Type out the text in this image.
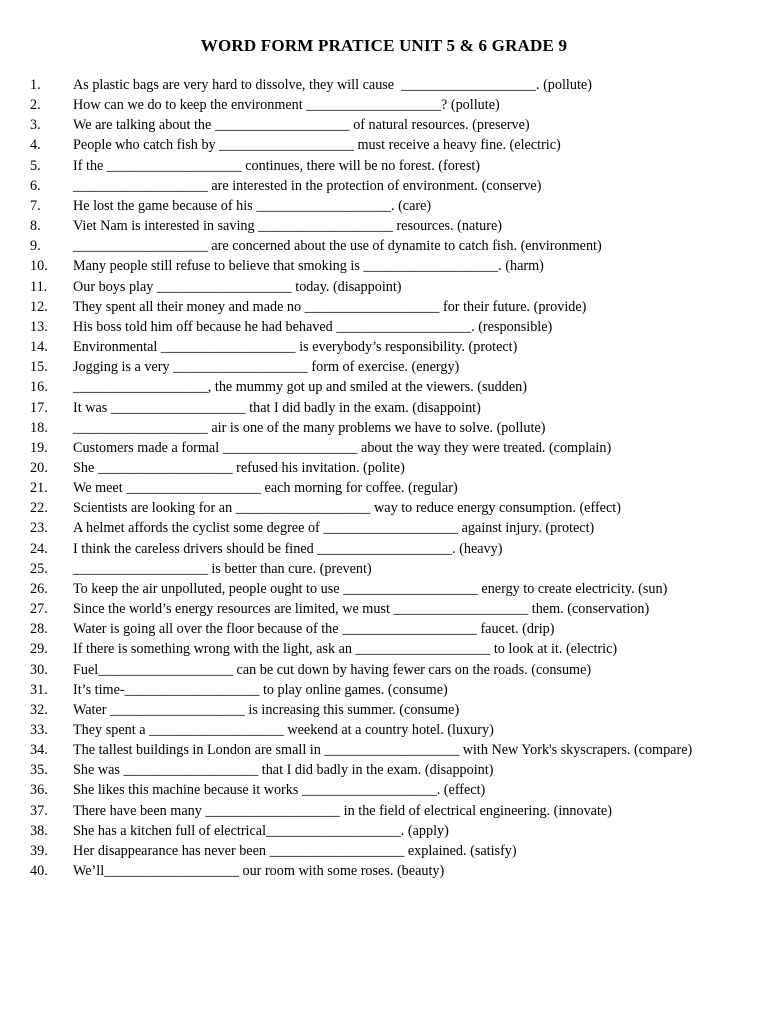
WORD FORM PRATICE UNIT 5 & 6 GRADE 9
1.	As plastic bags are very hard to dissolve, they will cause  ___________________. (pollute)
2.	How can we do to keep the environment ___________________? (pollute)
3.	We are talking about the ___________________ of natural resources. (preserve)
4.	People who catch fish by ___________________ must receive a heavy fine. (electric)
5.	If the ___________________ continues, there will be no forest. (forest)
6.	___________________ are interested in the protection of environment. (conserve)
7.	He lost the game because of his ___________________. (care)
8.	Viet Nam is interested in saving ___________________ resources. (nature)
9.	___________________ are concerned about the use of dynamite to catch fish. (environment)
10.	Many people still refuse to believe that smoking is ___________________. (harm)
11.	Our boys play ___________________ today. (disappoint)
12.	They spent all their money and made no ___________________ for their future. (provide)
13.	His boss told him off because he had behaved ___________________. (responsible)
14.	Environmental ___________________ is everybody’s responsibility. (protect)
15.	Jogging is a very ___________________ form of exercise. (energy)
16.	___________________, the mummy got up and smiled at the viewers. (sudden)
17.	It was ___________________ that I did badly in the exam. (disappoint)
18.	___________________ air is one of the many problems we have to solve. (pollute)
19.	Customers made a formal ___________________ about the way they were treated. (complain)
20.	She ___________________ refused his invitation. (polite)
21.	We meet ___________________ each morning for coffee. (regular)
22.	Scientists are looking for an ___________________ way to reduce energy consumption. (effect)
23.	A helmet affords the cyclist some degree of ___________________ against injury. (protect)
24.	I think the careless drivers should be fined ___________________. (heavy)
25.	___________________ is better than cure. (prevent)
26.	To keep the air unpolluted, people ought to use ___________________ energy to create electricity. (sun)
27.	Since the world’s energy resources are limited, we must ___________________ them. (conservation)
28.	Water is going all over the floor because of the ___________________ faucet. (drip)
29.	If there is something wrong with the light, ask an ___________________ to look at it. (electric)
30.	Fuel___________________ can be cut down by having fewer cars on the roads. (consume)
31.	It’s time-___________________ to play online games. (consume)
32.	Water ___________________ is increasing this summer. (consume)
33.	They spent a ___________________ weekend at a country hotel. (luxury)
34.	The tallest buildings in London are small in ___________________ with New York's skyscrapers. (compare)
35.	She was ___________________ that I did badly in the exam. (disappoint)
36.	She likes this machine because it works ___________________. (effect)
37.	There have been many ___________________ in the field of electrical engineering. (innovate)
38.	She has a kitchen full of electrical___________________. (apply)
39.	Her disappearance has never been ___________________ explained. (satisfy)
40.	We’ll___________________ our room with some roses. (beauty)
